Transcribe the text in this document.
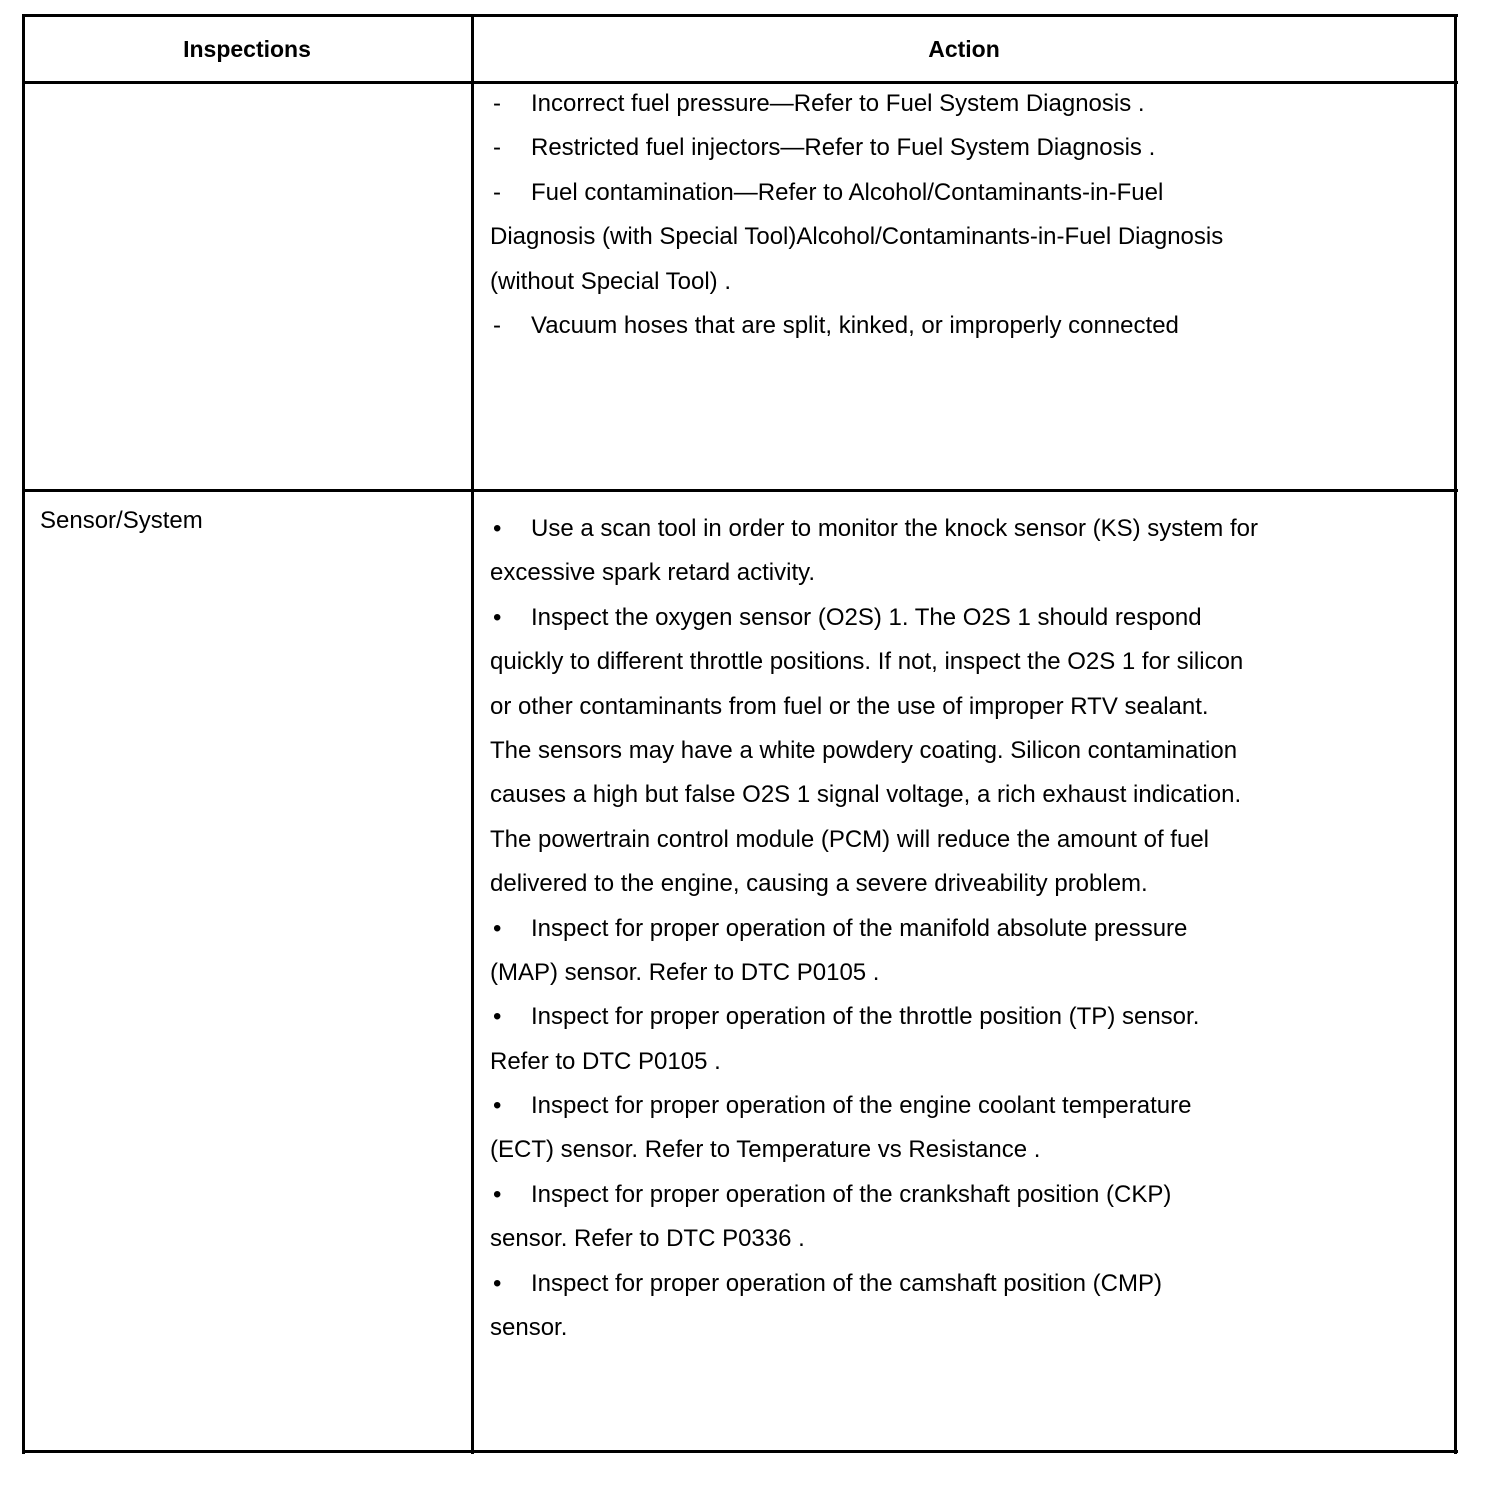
Inspections	Action
Sensor/System
- Incorrect fuel pressure—Refer to Fuel System Diagnosis .
- Restricted fuel injectors—Refer to Fuel System Diagnosis .
- Fuel contamination—Refer to Alcohol/Contaminants-in-Fuel
Diagnosis (with Special Tool)Alcohol/Contaminants-in-Fuel Diagnosis
(without Special Tool) .
- Vacuum hoses that are split, kinked, or improperly connected
• Use a scan tool in order to monitor the knock sensor (KS) system for
excessive spark retard activity.
• Inspect the oxygen sensor (O2S) 1. The O2S 1 should respond
quickly to different throttle positions. If not, inspect the O2S 1 for silicon
or other contaminants from fuel or the use of improper RTV sealant.
The sensors may have a white powdery coating. Silicon contamination
causes a high but false O2S 1 signal voltage, a rich exhaust indication.
The powertrain control module (PCM) will reduce the amount of fuel
delivered to the engine, causing a severe driveability problem.
• Inspect for proper operation of the manifold absolute pressure
(MAP) sensor. Refer to DTC P0105 .
• Inspect for proper operation of the throttle position (TP) sensor.
Refer to DTC P0105 .
• Inspect for proper operation of the engine coolant temperature
(ECT) sensor. Refer to Temperature vs Resistance .
• Inspect for proper operation of the crankshaft position (CKP)
sensor. Refer to DTC P0336 .
• Inspect for proper operation of the camshaft position (CMP)
sensor.
